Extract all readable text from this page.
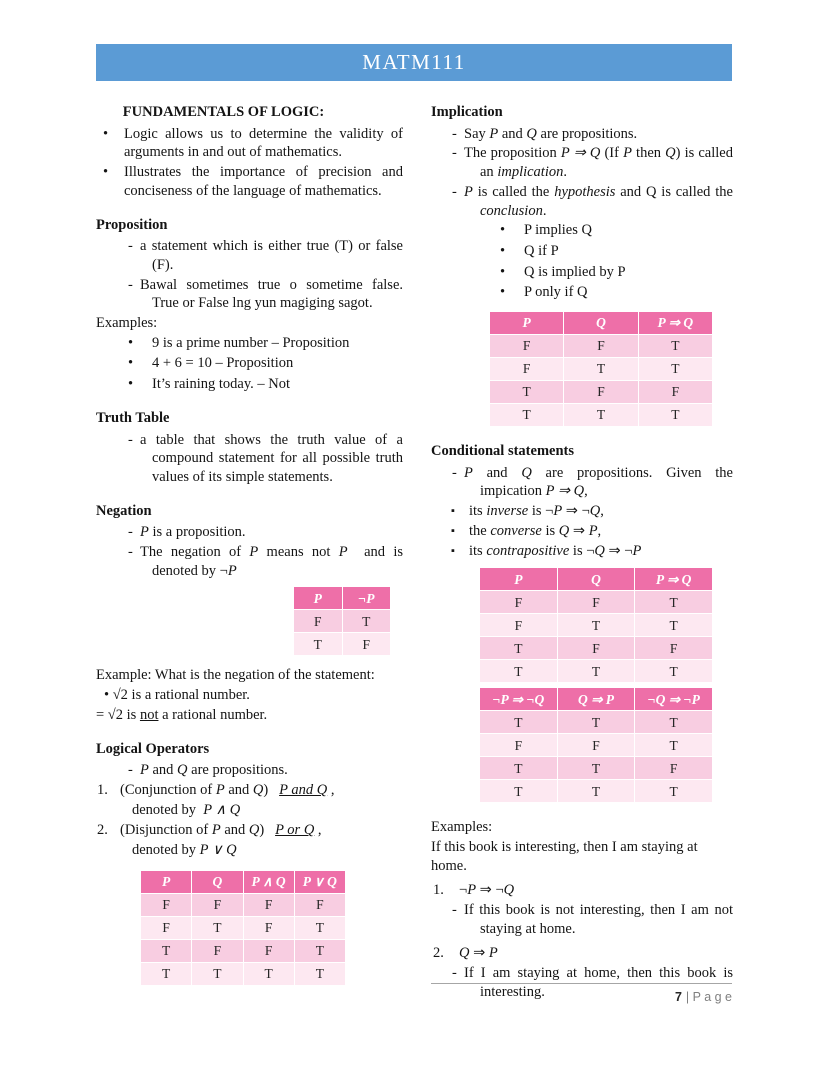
MATM111
FUNDAMENTALS OF LOGIC:
• Logic allows us to determine the validity of arguments in and out of mathematics.
• Illustrates the importance of precision and conciseness of the language of mathematics.
Proposition
- a statement which is either true (T) or false (F).
- Bawal sometimes true o sometime false. True or False lng yun magiging sagot.
Examples:
• 9 is a prime number – Proposition
• 4 + 6 = 10 – Proposition
• It’s raining today. – Not
Truth Table
- a table that shows the truth value of a compound statement for all possible truth values of its simple statements.
Negation
- P is a proposition.
- The negation of P means not P  and is denoted by ¬P
P	¬P
F	T
T	F
Example: What is the negation of the statement:
• √2 is a rational number.
= √2 is not a rational number.
Logical Operators
- P and Q are propositions.
1. (Conjunction of P and Q)   P and Q ,
denoted by  P ∧ Q
2. (Disjunction of P and Q)   P or Q ,
denoted by P ∨ Q
P	Q	P ∧ Q	P ∨ Q
F	F	F	F
F	T	F	T
T	F	F	T
T	T	T	T
Implication
- Say P and Q are propositions.
- The proposition P ⇒ Q (If P then Q) is called an implication.
- P is called the hypothesis and Q is called the conclusion.
• P implies Q
• Q if P
• Q is implied by P
• P only if Q
P	Q	P ⇒ Q
F	F	T
F	T	T
T	F	F
T	T	T
Conditional statements
- P and Q are propositions. Given the impication P ⇒ Q,
▪ its inverse is ¬P ⇒ ¬Q,
▪ the converse is Q ⇒ P,
▪ its contrapositive is ¬Q ⇒ ¬P
P	Q	P ⇒ Q
F	F	T
F	T	T
T	F	F
T	T	T
¬P ⇒ ¬Q	Q ⇒ P	¬Q ⇒ ¬P
T	T	T
F	F	T
T	T	F
T	T	T
Examples:
If this book is interesting, then I am staying at home.
1. ¬P ⇒ ¬Q
- If this book is not interesting, then I am not staying at home.
2. Q ⇒ P
- If I am staying at home, then this book is interesting.	7 | P a g e
